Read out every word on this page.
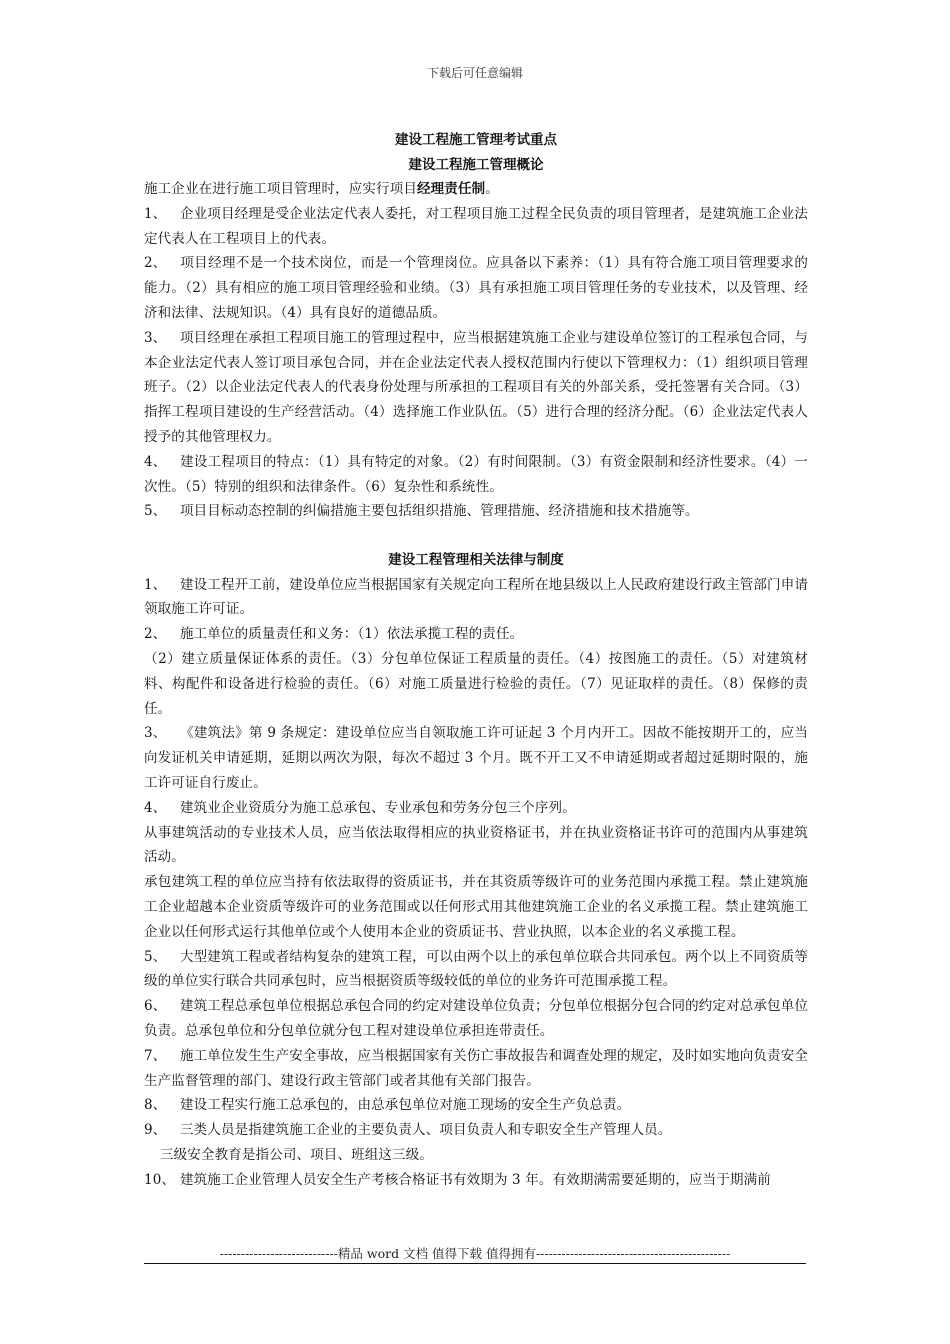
下载后可任意编辑

建设工程施工管理考试重点

建设工程施工管理概论

施工企业在进行施工项目管理时，应实行项目经理责任制。

1、 企业项目经理是受企业法定代表人委托，对工程项目施工过程全民负责的项目管理者，是建筑施工企业法定代表人在工程项目上的代表。

2、 项目经理不是一个技术岗位，而是一个管理岗位。应具备以下素养：（1）具有符合施工项目管理要求的能力。（2）具有相应的施工项目管理经验和业绩。（3）具有承担施工项目管理任务的专业技术，以及管理、经济和法律、法规知识。（4）具有良好的道德品质。

3、 项目经理在承担工程项目施工的管理过程中，应当根据建筑施工企业与建设单位签订的工程承包合同，与本企业法定代表人签订项目承包合同，并在企业法定代表人授权范围内行使以下管理权力：（1）组织项目管理班子。（2）以企业法定代表人的代表身份处理与所承担的工程项目有关的外部关系，受托签署有关合同。（3）指挥工程项目建设的生产经营活动。（4）选择施工作业队伍。（5）进行合理的经济分配。（6）企业法定代表人授予的其他管理权力。

4、 建设工程项目的特点：（1）具有特定的对象。（2）有时间限制。（3）有资金限制和经济性要求。（4）一次性。（5）特别的组织和法律条件。（6）复杂性和系统性。

5、 项目目标动态控制的纠偏措施主要包括组织措施、管理措施、经济措施和技术措施等。

建设工程管理相关法律与制度

1、 建设工程开工前，建设单位应当根据国家有关规定向工程所在地县级以上人民政府建设行政主管部门申请领取施工许可证。

2、 施工单位的质量责任和义务：（1）依法承揽工程的责任。

（2）建立质量保证体系的责任。（3）分包单位保证工程质量的责任。（4）按图施工的责任。（5）对建筑材料、构配件和设备进行检验的责任。（6）对施工质量进行检验的责任。（7）见证取样的责任。（8）保修的责任。

3、 《建筑法》第 9 条规定：建设单位应当自领取施工许可证起 3 个月内开工。因故不能按期开工的，应当向发证机关申请延期，延期以两次为限，每次不超过 3 个月。既不开工又不申请延期或者超过延期时限的，施工许可证自行废止。

4、 建筑业企业资质分为施工总承包、专业承包和劳务分包三个序列。

从事建筑活动的专业技术人员，应当依法取得相应的执业资格证书，并在执业资格证书许可的范围内从事建筑活动。

承包建筑工程的单位应当持有依法取得的资质证书，并在其资质等级许可的业务范围内承揽工程。禁止建筑施工企业超越本企业资质等级许可的业务范围或以任何形式用其他建筑施工企业的名义承揽工程。禁止建筑施工企业以任何形式运行其他单位或个人使用本企业的资质证书、营业执照，以本企业的名义承揽工程。

5、 大型建筑工程或者结构复杂的建筑工程，可以由两个以上的承包单位联合共同承包。两个以上不同资质等级的单位实行联合共同承包时，应当根据资质等级较低的单位的业务许可范围承揽工程。

6、 建筑工程总承包单位根据总承包合同的约定对建设单位负责；分包单位根据分包合同的约定对总承包单位负责。总承包单位和分包单位就分包工程对建设单位承担连带责任。

7、 施工单位发生生产安全事故，应当根据国家有关伤亡事故报告和调查处理的规定，及时如实地向负责安全生产监督管理的部门、建设行政主管部门或者其他有关部门报告。

8、 建设工程实行施工总承包的，由总承包单位对施工现场的安全生产负总责。

9、 三类人员是指建筑施工企业的主要负责人、项目负责人和专职安全生产管理人员。

三级安全教育是指公司、项目、班组这三级。

10、 建筑施工企业管理人员安全生产考核合格证书有效期为 3 年。有效期满需要延期的，应当于期满前

----------------------------精品 word 文档 值得下载 值得拥有----------------------------------------------
